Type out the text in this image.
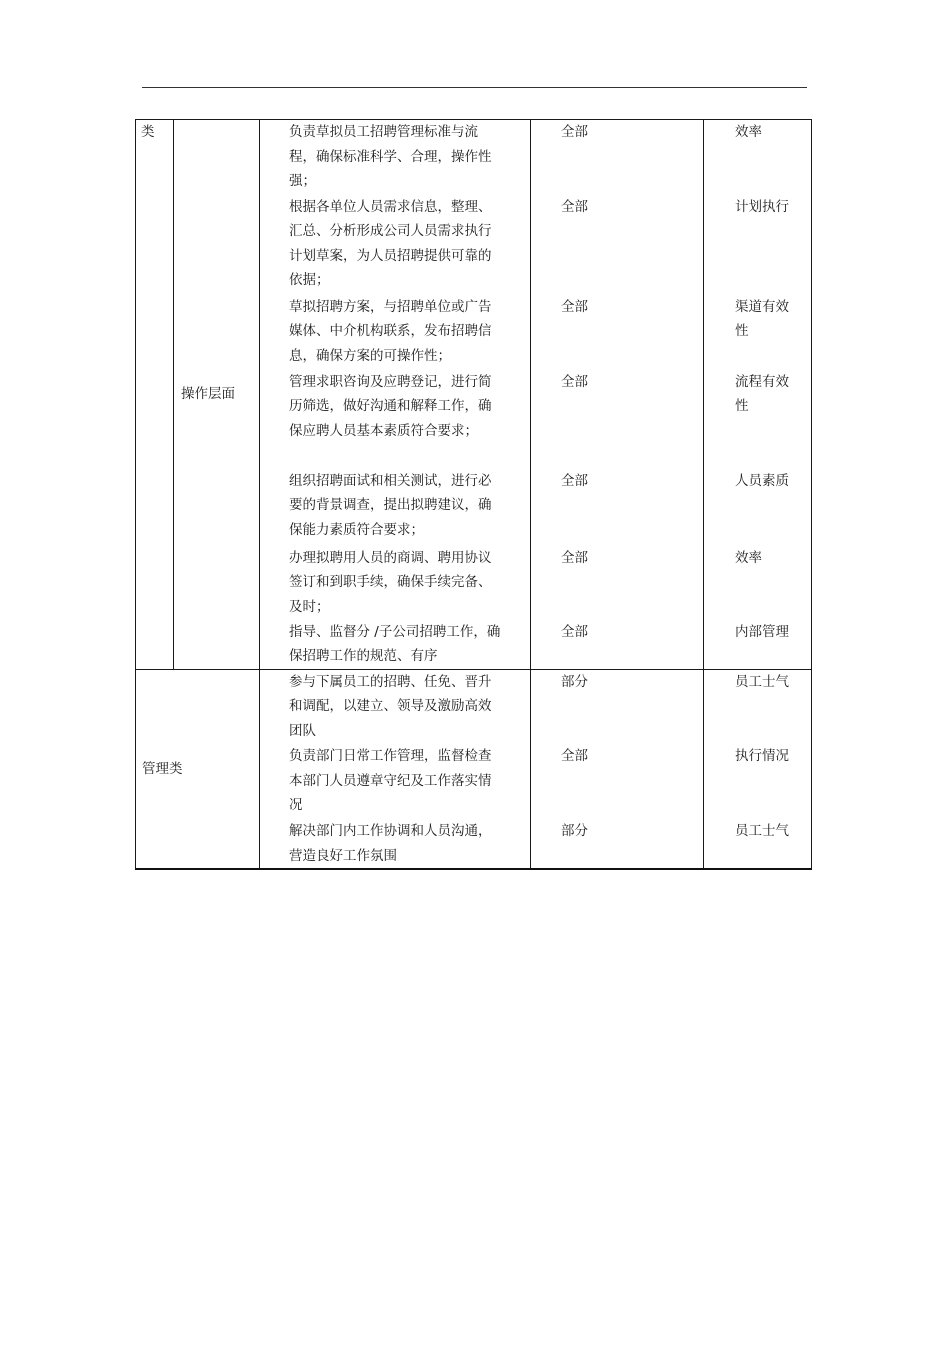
类	操作层面	负责草拟员工招聘管理标准与流程，确保标准科学、合理，操作性强；	全部	效率
		根据各单位人员需求信息，整理、汇总、分析形成公司人员需求执行计划草案，为人员招聘提供可靠的依据；	全部	计划执行
		草拟招聘方案，与招聘单位或广告媒体、中介机构联系，发布招聘信息，确保方案的可操作性；	全部	渠道有效性
		管理求职咨询及应聘登记，进行简历筛选，做好沟通和解释工作，确保应聘人员基本素质符合要求；	全部	流程有效性
		组织招聘面试和相关测试，进行必要的背景调查，提出拟聘建议，确保能力素质符合要求；	全部	人员素质
		办理拟聘用人员的商调、聘用协议签订和到职手续，确保手续完备、及时；	全部	效率
		指导、监督分 /子公司招聘工作，确保招聘工作的规范、有序	全部	内部管理
管理类		参与下属员工的招聘、任免、晋升和调配，以建立、领导及激励高效团队	部分	员工士气
		负责部门日常工作管理，监督检查本部门人员遵章守纪及工作落实情况	全部	执行情况
		解决部门内工作协调和人员沟通，营造良好工作氛围	部分	员工士气
